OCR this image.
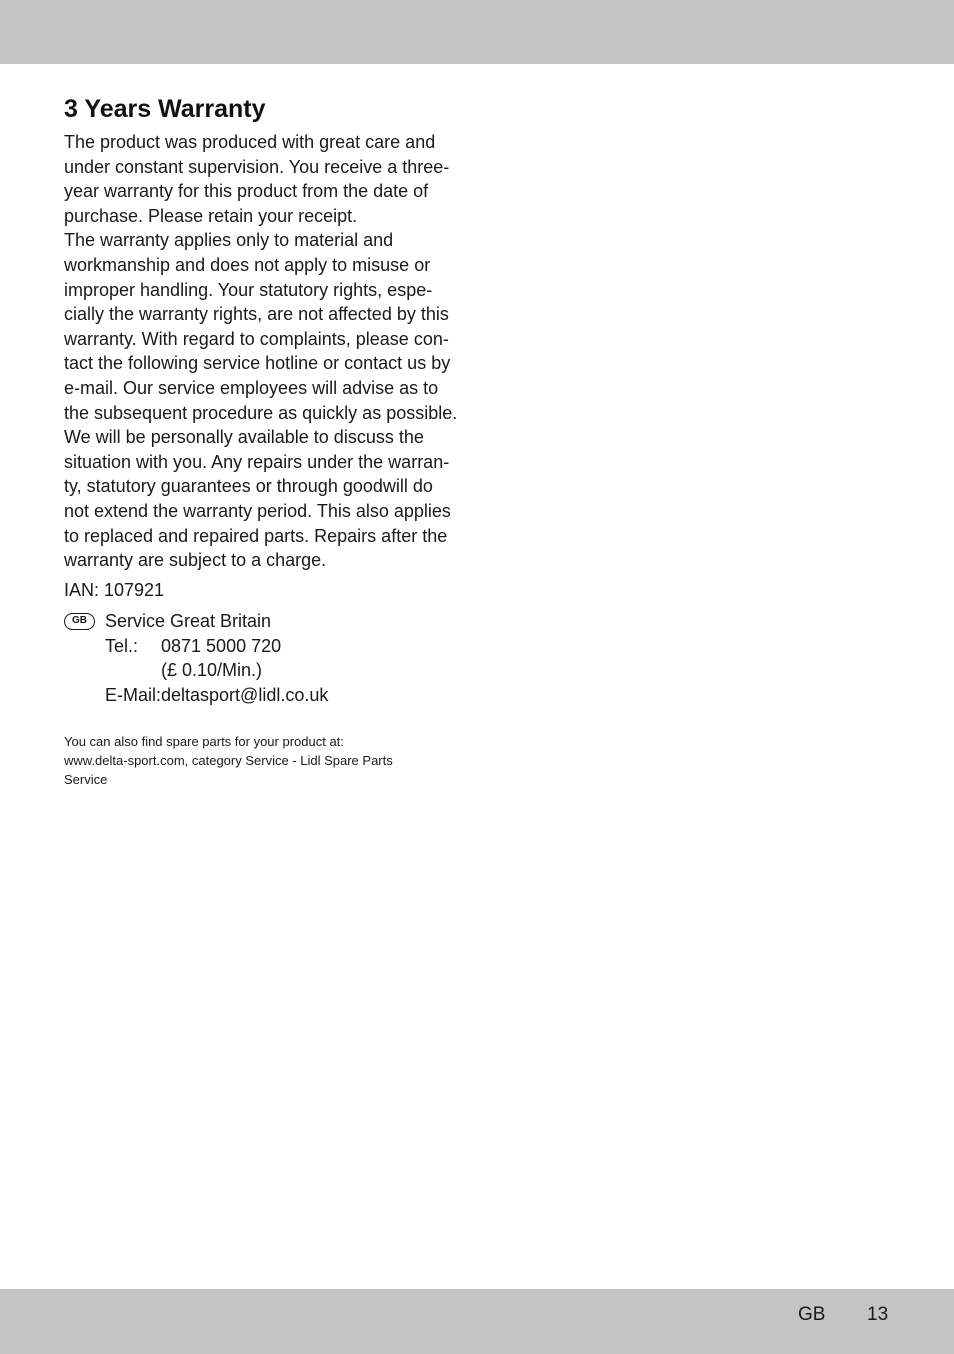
3 Years Warranty
The product was produced with great care and
under constant supervision. You receive a three-
year warranty for this product from the date of
purchase. Please retain your receipt.
The warranty applies only to material and
workmanship and does not apply to misuse or
improper handling. Your statutory rights, espe-
cially the warranty rights, are not affected by this
warranty. With regard to complaints, please con-
tact the following service hotline or contact us by
e-mail. Our service employees will advise as to
the subsequent procedure as quickly as possible.
We will be personally available to discuss the
situation with you. Any repairs under the warran-
ty, statutory guarantees or through goodwill do
not extend the warranty period. This also applies
to replaced and repaired parts. Repairs after the
warranty are subject to a charge.
IAN: 107921
GB	Service Great Britain
Tel.: 0871 5000 720
(£ 0.10/Min.)
E-Mail:deltasport@lidl.co.uk
You can also find spare parts for your product at:
www.delta-sport.com, category Service - Lidl Spare Parts
Service
GB 13
